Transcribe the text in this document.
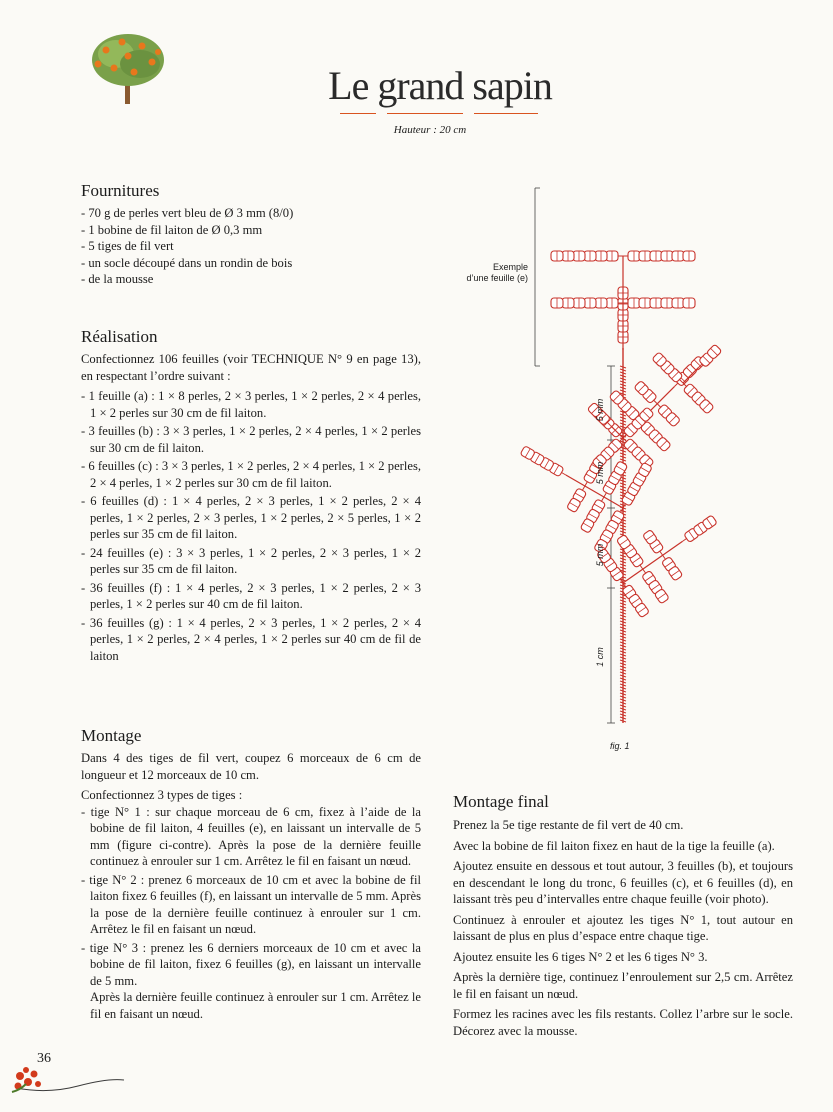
Le grand sapin
Hauteur : 20 cm
Fournitures
- 70 g de perles vert bleu de Ø 3 mm (8/0)
- 1 bobine de fil laiton de Ø 0,3 mm
- 5 tiges de fil vert
- un socle découpé dans un rondin de bois
- de la mousse
Réalisation

Confectionnez 106 feuilles (voir TECHNIQUE N° 9 en page 13), en respectant l’ordre suivant :

- 1 feuille (a) : 1 × 8 perles, 2 × 3 perles, 1 × 2 perles, 2 × 4 perles, 1 × 2 perles sur 30 cm de fil laiton.
- 3 feuilles (b) : 3 × 3 perles, 1 × 2 perles, 2 × 4 perles, 1 × 2 perles sur 30 cm de fil laiton.
- 6 feuilles (c) : 3 × 3 perles, 1 × 2 perles, 2 × 4 perles, 1 × 2 perles, 2 × 4 perles, 1 × 2 perles sur 30 cm de fil laiton.
- 6 feuilles (d) : 1 × 4 perles, 2 × 3 perles, 1 × 2 perles, 2 × 4 perles, 1 × 2 perles, 2 × 3 perles, 1 × 2 perles, 2 × 5 perles, 1 × 2 perles sur 35 cm de fil laiton.
- 24 feuilles (e) : 3 × 3 perles, 1 × 2 perles, 2 × 3 perles, 1 × 2 perles sur 35 cm de fil laiton.
- 36 feuilles (f) : 1 × 4 perles, 2 × 3 perles, 1 × 2 perles, 2 × 3 perles, 1 × 2 perles sur 40 cm de fil laiton.
- 36 feuilles (g) : 1 × 4 perles, 2 × 3 perles, 1 × 2 perles, 2 × 4 perles, 1 × 2 perles, 2 × 4 perles, 1 × 2 perles sur 40 cm de fil de laiton
Montage

Dans 4 des tiges de fil vert, coupez 6 morceaux de 6 cm de longueur et 12 morceaux de 10 cm.

Confectionnez 3 types de tiges :

- tige N° 1 : sur chaque morceau de 6 cm, fixez à l’aide de la bobine de fil laiton, 4 feuilles (e), en laissant un intervalle de 5 mm (figure ci-contre). Après la pose de la dernière feuille continuez à enrouler sur 1 cm. Arrêtez le fil en faisant un nœud.
- tige N° 2 : prenez 6 morceaux de 10 cm et avec la bobine de fil laiton fixez 6 feuilles (f), en laissant un intervalle de 5 mm. Après la pose de la dernière feuille continuez à enrouler sur 1 cm. Arrêtez le fil en faisant un nœud.
- tige N° 3 : prenez les 6 derniers morceaux de 10 cm et avec la bobine de fil laiton, fixez 6 feuilles (g), en laissant un intervalle de 5 mm.

Après la dernière feuille continuez à enrouler sur 1 cm. Arrêtez le fil en faisant un nœud.

Montage final

Prenez la 5e tige restante de fil vert de 40 cm.

Avec la bobine de fil laiton fixez en haut de la tige la feuille (a).

Ajoutez ensuite en dessous et tout autour, 3 feuilles (b), et toujours en descendant le long du tronc, 6 feuilles (c), et 6 feuilles (d), en laissant très peu d’intervalles entre chaque feuille (voir photo).

Continuez à enrouler et ajoutez les tiges N° 1, tout autour en laissant de plus en plus d’espace entre chaque tige.

Ajoutez ensuite les 6 tiges N° 2 et les 6 tiges N° 3.

Après la dernière tige, continuez l’enroulement sur 2,5 cm. Arrêtez le fil en faisant un nœud.

Formez les racines avec les fils restants. Collez l’arbre sur le socle. Décorez avec la mousse.

Exemple
d’une feuille (e)
5 mm
5 mm
5 mm
1 cm
fig. 1
36
